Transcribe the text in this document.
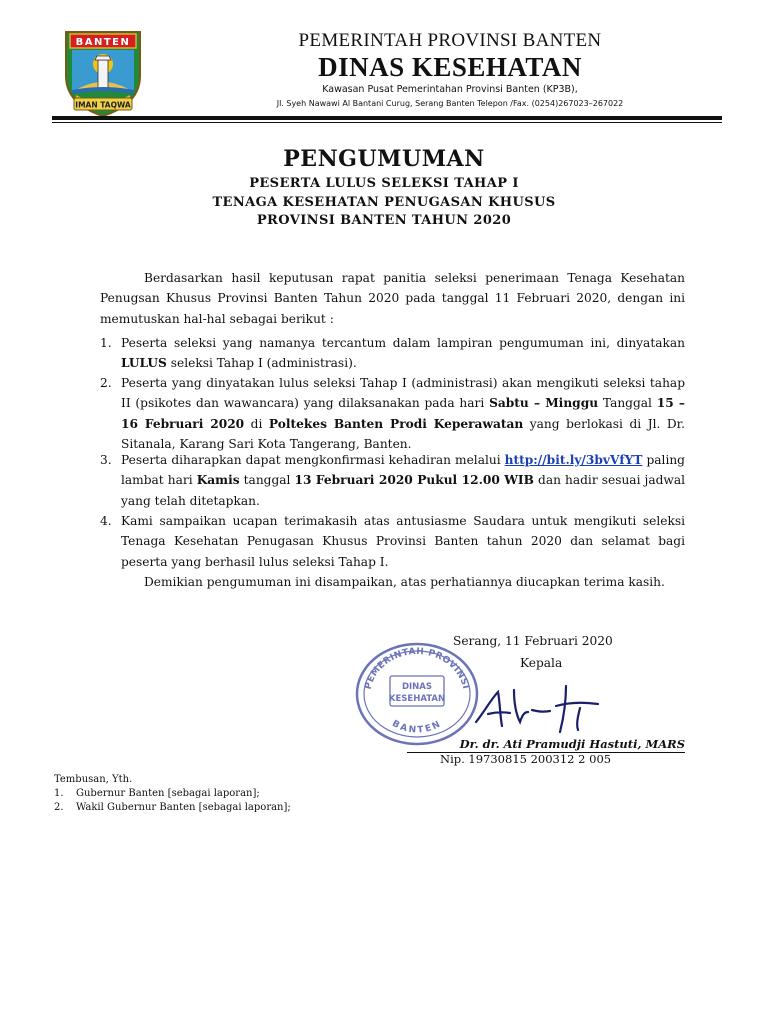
BANTEN
IMAN TAQWA
PEMERINTAH PROVINSI BANTEN
DINAS KESEHATAN
Kawasan Pusat Pemerintahan Provinsi Banten (KP3B),
Jl. Syeh Nawawi Al Bantani Curug, Serang Banten Telepon /Fax. (0254)267023–267022
PENGUMUMAN
PESERTA LULUS SELEKSI TAHAP I
TENAGA KESEHATAN PENUGASAN KHUSUS
PROVINSI BANTEN TAHUN 2020
Berdasarkan hasil keputusan rapat panitia seleksi penerimaan Tenaga Kesehatan Penugsan Khusus Provinsi Banten Tahun 2020 pada tanggal 11 Februari 2020, dengan ini memutuskan hal-hal sebagai berikut :
1. Peserta seleksi yang namanya tercantum dalam lampiran pengumuman ini, dinyatakan LULUS seleksi Tahap I (administrasi).
2. Peserta yang dinyatakan lulus seleksi Tahap I (administrasi) akan mengikuti seleksi tahap II (psikotes dan wawancara) yang dilaksanakan pada hari Sabtu – Minggu Tanggal 15 – 16 Februari 2020 di Poltekes Banten Prodi Keperawatan yang berlokasi di Jl. Dr. Sitanala, Karang Sari Kota Tangerang, Banten.
3. Peserta diharapkan dapat mengkonfirmasi kehadiran melalui http://bit.ly/3bvVfYT paling lambat hari Kamis tanggal 13 Februari 2020 Pukul 12.00 WIB dan hadir sesuai jadwal yang telah ditetapkan.
4. Kami sampaikan ucapan terimakasih atas antusiasme Saudara untuk mengikuti seleksi Tenaga Kesehatan Penugasan Khusus Provinsi Banten tahun 2020 dan selamat bagi peserta yang berhasil lulus seleksi Tahap I.
Demikian pengumuman ini disampaikan, atas perhatiannya diucapkan terima kasih.
PEMERINTAH PROVINSI
DINAS
KESEHATAN
BANTEN
Serang, 11 Februari 2020
Kepala
Dr. dr. Ati Pramudji Hastuti, MARS
Nip. 19730815 200312 2 005
Tembusan, Yth.
1. Gubernur Banten [sebagai laporan];
2. Wakil Gubernur Banten [sebagai laporan];
